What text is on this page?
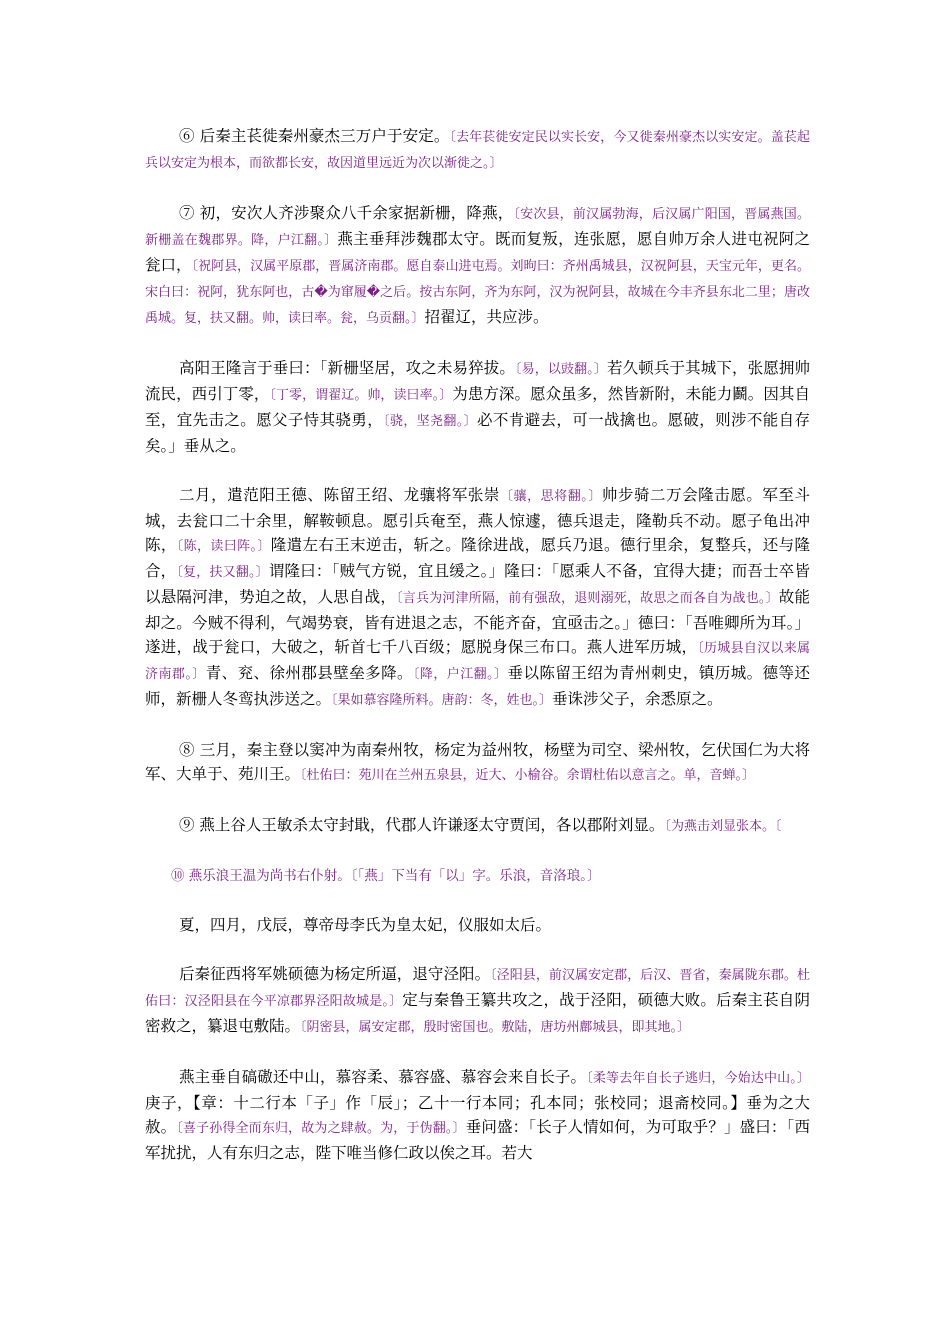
⑥ 后秦主苌徙秦州豪杰三万户于安定。〔去年苌徙安定民以实长安，今又徙秦州豪杰以实安定。盖苌起兵以安定为根本，而欲都长安，故因道里远近为次以渐徙之。〕

⑦ 初，安次人齐涉聚众八千余家据新栅，降燕，〔安次县，前汉属勃海，后汉属广阳国，晋属燕国。新栅盖在魏郡界。降，户江翻。〕燕主垂拜涉魏郡太守。既而复叛，连张愿，愿自帅万余人进屯祝阿之瓮口，〔祝阿县，汉属平原郡，晋属济南郡。愿自泰山进屯焉。刘昫曰：齐州禹城县，汉祝阿县，天宝元年，更名。宋白曰：祝阿，犹东阿也，古�为窜履�之后。按古东阿，齐为东阿，汉为祝阿县，故城在今丰齐县东北二里；唐改禹城。复，扶又翻。帅，读曰率。瓮，乌贡翻。〕招翟辽，共应涉。

高阳王隆言于垂曰：「新栅坚居，攻之未易猝拔。〔易，以豉翻。〕若久顿兵于其城下，张愿拥帅流民，西引丁零，〔丁零，谓翟辽。帅，读曰率。〕为患方深。愿众虽多，然皆新附，未能力鬬。因其自至，宜先击之。愿父子恃其骁勇，〔骁，坚尧翻。〕必不肯避去，可一战擒也。愿破，则涉不能自存矣。」垂从之。

二月，遣范阳王德、陈留王绍、龙骧将军张崇〔骧，思将翻。〕帅步骑二万会隆击愿。军至斗城，去瓮口二十余里，解鞍顿息。愿引兵奄至，燕人惊遽，德兵退走，隆勒兵不动。愿子龟出冲陈，〔陈，读曰阵。〕隆遣左右王末逆击，斩之。隆徐进战，愿兵乃退。德行里余，复整兵，还与隆合，〔复，扶又翻。〕谓隆曰：「贼气方锐，宜且缓之。」隆曰：「愿乘人不备，宜得大捷；而吾士卒皆以悬隔河津，势迫之故，人思自战，〔言兵为河津所隔，前有强敌，退则溺死，故思之而各自为战也。〕故能却之。今贼不得利，气竭势衰，皆有进退之志，不能齐奋，宜亟击之。」德曰：「吾唯卿所为耳。」遂进，战于瓮口，大破之，斩首七千八百级；愿脱身保三布口。燕人进军历城，〔历城县自汉以来属济南郡。〕青、兖、徐州郡县壁垒多降。〔降，户江翻。〕垂以陈留王绍为青州刺史，镇历城。德等还师，新栅人冬鸾执涉送之。〔果如慕容隆所料。唐韵：冬，姓也。〕垂诛涉父子，余悉原之。

⑧ 三月，秦主登以窦冲为南秦州牧，杨定为益州牧，杨壁为司空、梁州牧，乞伏国仁为大将军、大单于、苑川王。〔杜佑曰：苑川在兰州五泉县，近大、小榆谷。余谓杜佑以意言之。单，音蝉。〕

⑨ 燕上谷人王敏杀太守封戢，代郡人许谦逐太守贾闰，各以郡附刘显。〔为燕击刘显张本。〔

⑩ 燕乐浪王温为尚书右仆射。〔「燕」下当有「以」字。乐浪，音洛琅。〕

夏，四月，戊辰，尊帝母李氏为皇太妃，仪服如太后。

后秦征西将军姚硕德为杨定所逼，退守泾阳。〔泾阳县，前汉属安定郡，后汉、晋省，秦属陇东郡。杜佑曰：汉泾阳县在今平凉郡界泾阳故城是。〕定与秦鲁王纂共攻之，战于泾阳，硕德大败。后秦主苌自阴密救之，纂退屯敷陆。〔阴密县，属安定郡，殷时密国也。敷陆，唐坊州鄜城县，即其地。〕

燕主垂自碻磝还中山，慕容柔、慕容盛、慕容会来自长子。〔柔等去年自长子逃归，今始达中山。〕庚子，【章：十二行本「子」作「辰」；乙十一行本同；孔本同；张校同；退斋校同。】垂为之大赦。〔喜子孙得全而东归，故为之肆赦。为，于伪翻。〕垂问盛：「长子人情如何，为可取乎？」盛曰：「西军扰扰，人有东归之志，陛下唯当修仁政以俟之耳。若大
